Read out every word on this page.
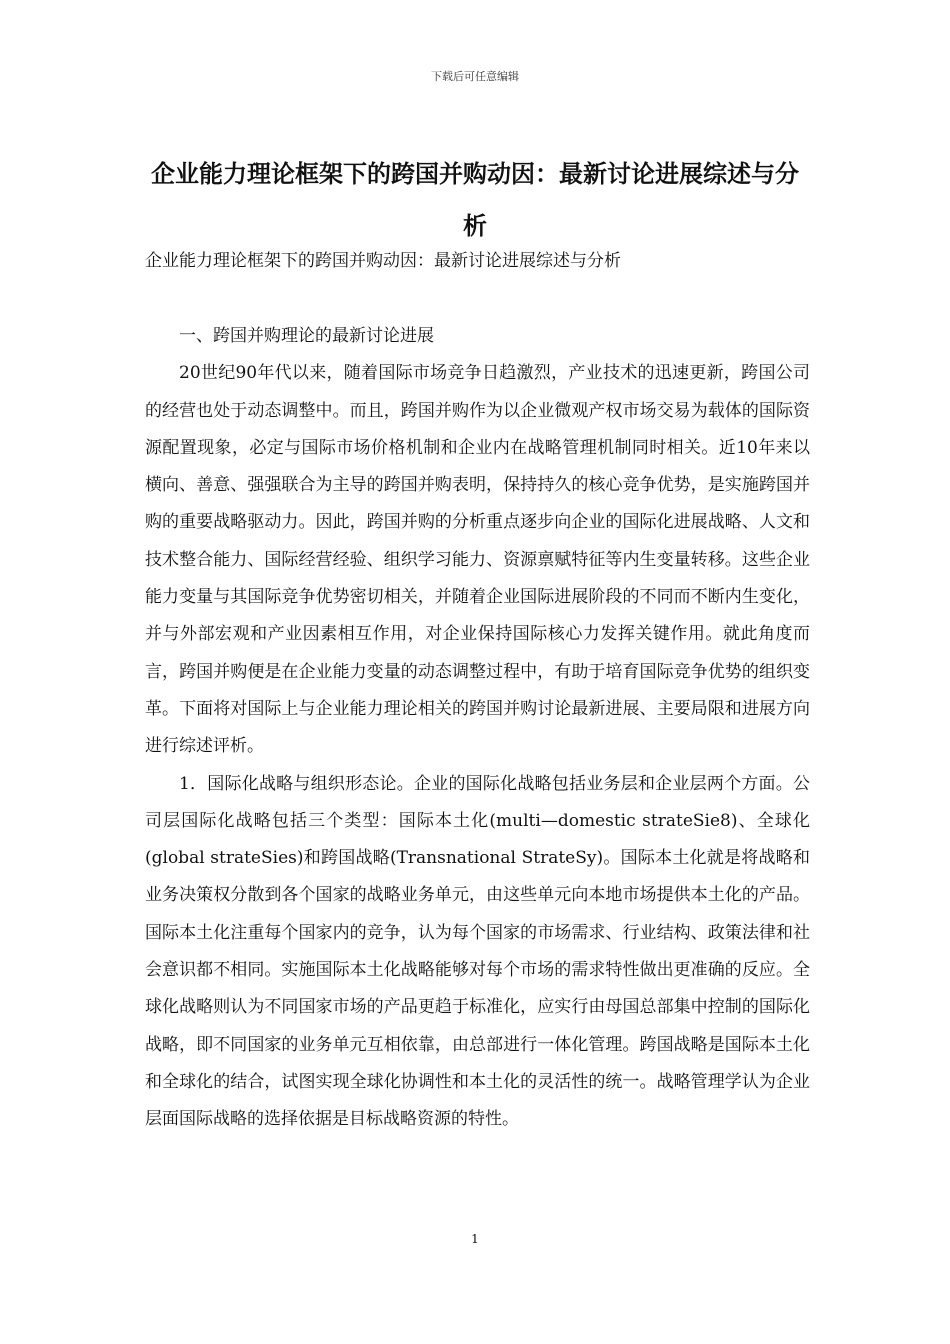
下载后可任意编辑
企业能力理论框架下的跨国并购动因：最新讨论进展综述与分析
企业能力理论框架下的跨国并购动因：最新讨论进展综述与分析

一、跨国并购理论的最新讨论进展

20世纪90年代以来，随着国际市场竞争日趋激烈，产业技术的迅速更新，跨国公司的经营也处于动态调整中。而且，跨国并购作为以企业微观产权市场交易为载体的国际资源配置现象，必定与国际市场价格机制和企业内在战略管理机制同时相关。近10年来以横向、善意、强强联合为主导的跨国并购表明，保持持久的核心竞争优势，是实施跨国并购的重要战略驱动力。因此，跨国并购的分析重点逐步向企业的国际化进展战略、人文和技术整合能力、国际经营经验、组织学习能力、资源禀赋特征等内生变量转移。这些企业能力变量与其国际竞争优势密切相关，并随着企业国际进展阶段的不同而不断内生变化，并与外部宏观和产业因素相互作用，对企业保持国际核心力发挥关键作用。就此角度而言，跨国并购便是在企业能力变量的动态调整过程中，有助于培育国际竞争优势的组织变革。下面将对国际上与企业能力理论相关的跨国并购讨论最新进展、主要局限和进展方向进行综述评析。

1．国际化战略与组织形态论。企业的国际化战略包括业务层和企业层两个方面。公司层国际化战略包括三个类型：国际本土化(multi—domestic strateSie8)、全球化(global strateSies)和跨国战略(Transnational StrateSy)。国际本土化就是将战略和业务决策权分散到各个国家的战略业务单元，由这些单元向本地市场提供本土化的产品。国际本土化注重每个国家内的竞争，认为每个国家的市场需求、行业结构、政策法律和社会意识都不相同。实施国际本土化战略能够对每个市场的需求特性做出更准确的反应。全球化战略则认为不同国家市场的产品更趋于标准化，应实行由母国总部集中控制的国际化战略，即不同国家的业务单元互相依靠，由总部进行一体化管理。跨国战略是国际本土化和全球化的结合，试图实现全球化协调性和本土化的灵活性的统一。战略管理学认为企业层面国际战略的选择依据是目标战略资源的特性。

1
